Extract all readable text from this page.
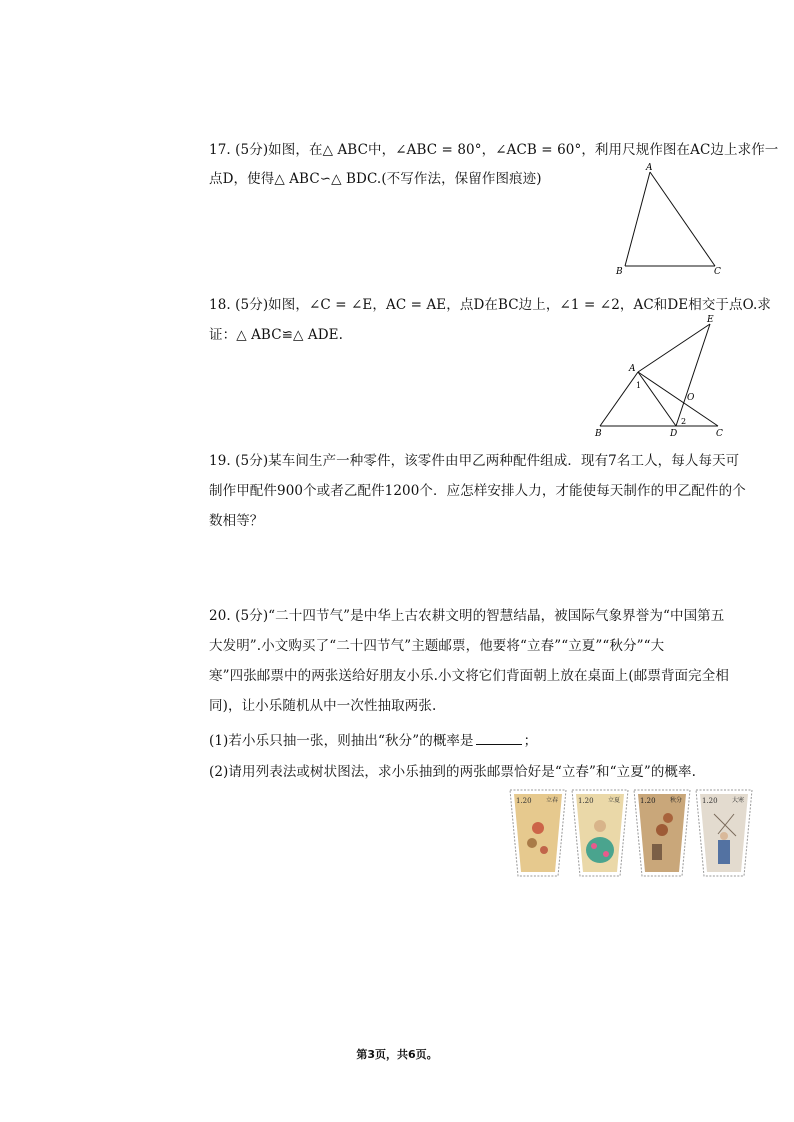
17. (5分)如图，在△ ABC中，∠ABC = 80°，∠ACB = 60°，利用尺规作图在AC边上求作一
点D，使得△ ABC∽△ BDC.(不写作法，保留作图痕迹)
A
B	C
18. (5分)如图，∠C = ∠E，AC = AE，点D在BC边上，∠1 = ∠2，AC和DE相交于点O.求
证：△ ABC≌△ ADE.
E
A
1
O
2
B	D	C
19. (5分)某车间生产一种零件，该零件由甲乙两种配件组成．现有7名工人，每人每天可
制作甲配件900个或者乙配件1200个．应怎样安排人力，才能使每天制作的甲乙配件的个
数相等？
20. (5分)“二十四节气”是中华上古农耕文明的智慧结晶，被国际气象界誉为“中国第五
大发明”.小文购买了“二十四节气”主题邮票，他要将“立春”“立夏”“秋分”“大
寒”四张邮票中的两张送给好朋友小乐.小文将它们背面朝上放在桌面上(邮票背面完全相
同)，让小乐随机从中一次性抽取两张.
(1)若小乐只抽一张，则抽出“秋分”的概率是	；
(2)请用列表法或树状图法，求小乐抽到的两张邮票恰好是“立春”和“立夏”的概率.
1.20 立春	1.20 立夏	1.20 秋分	1.20 大寒
第3页，共6页。
